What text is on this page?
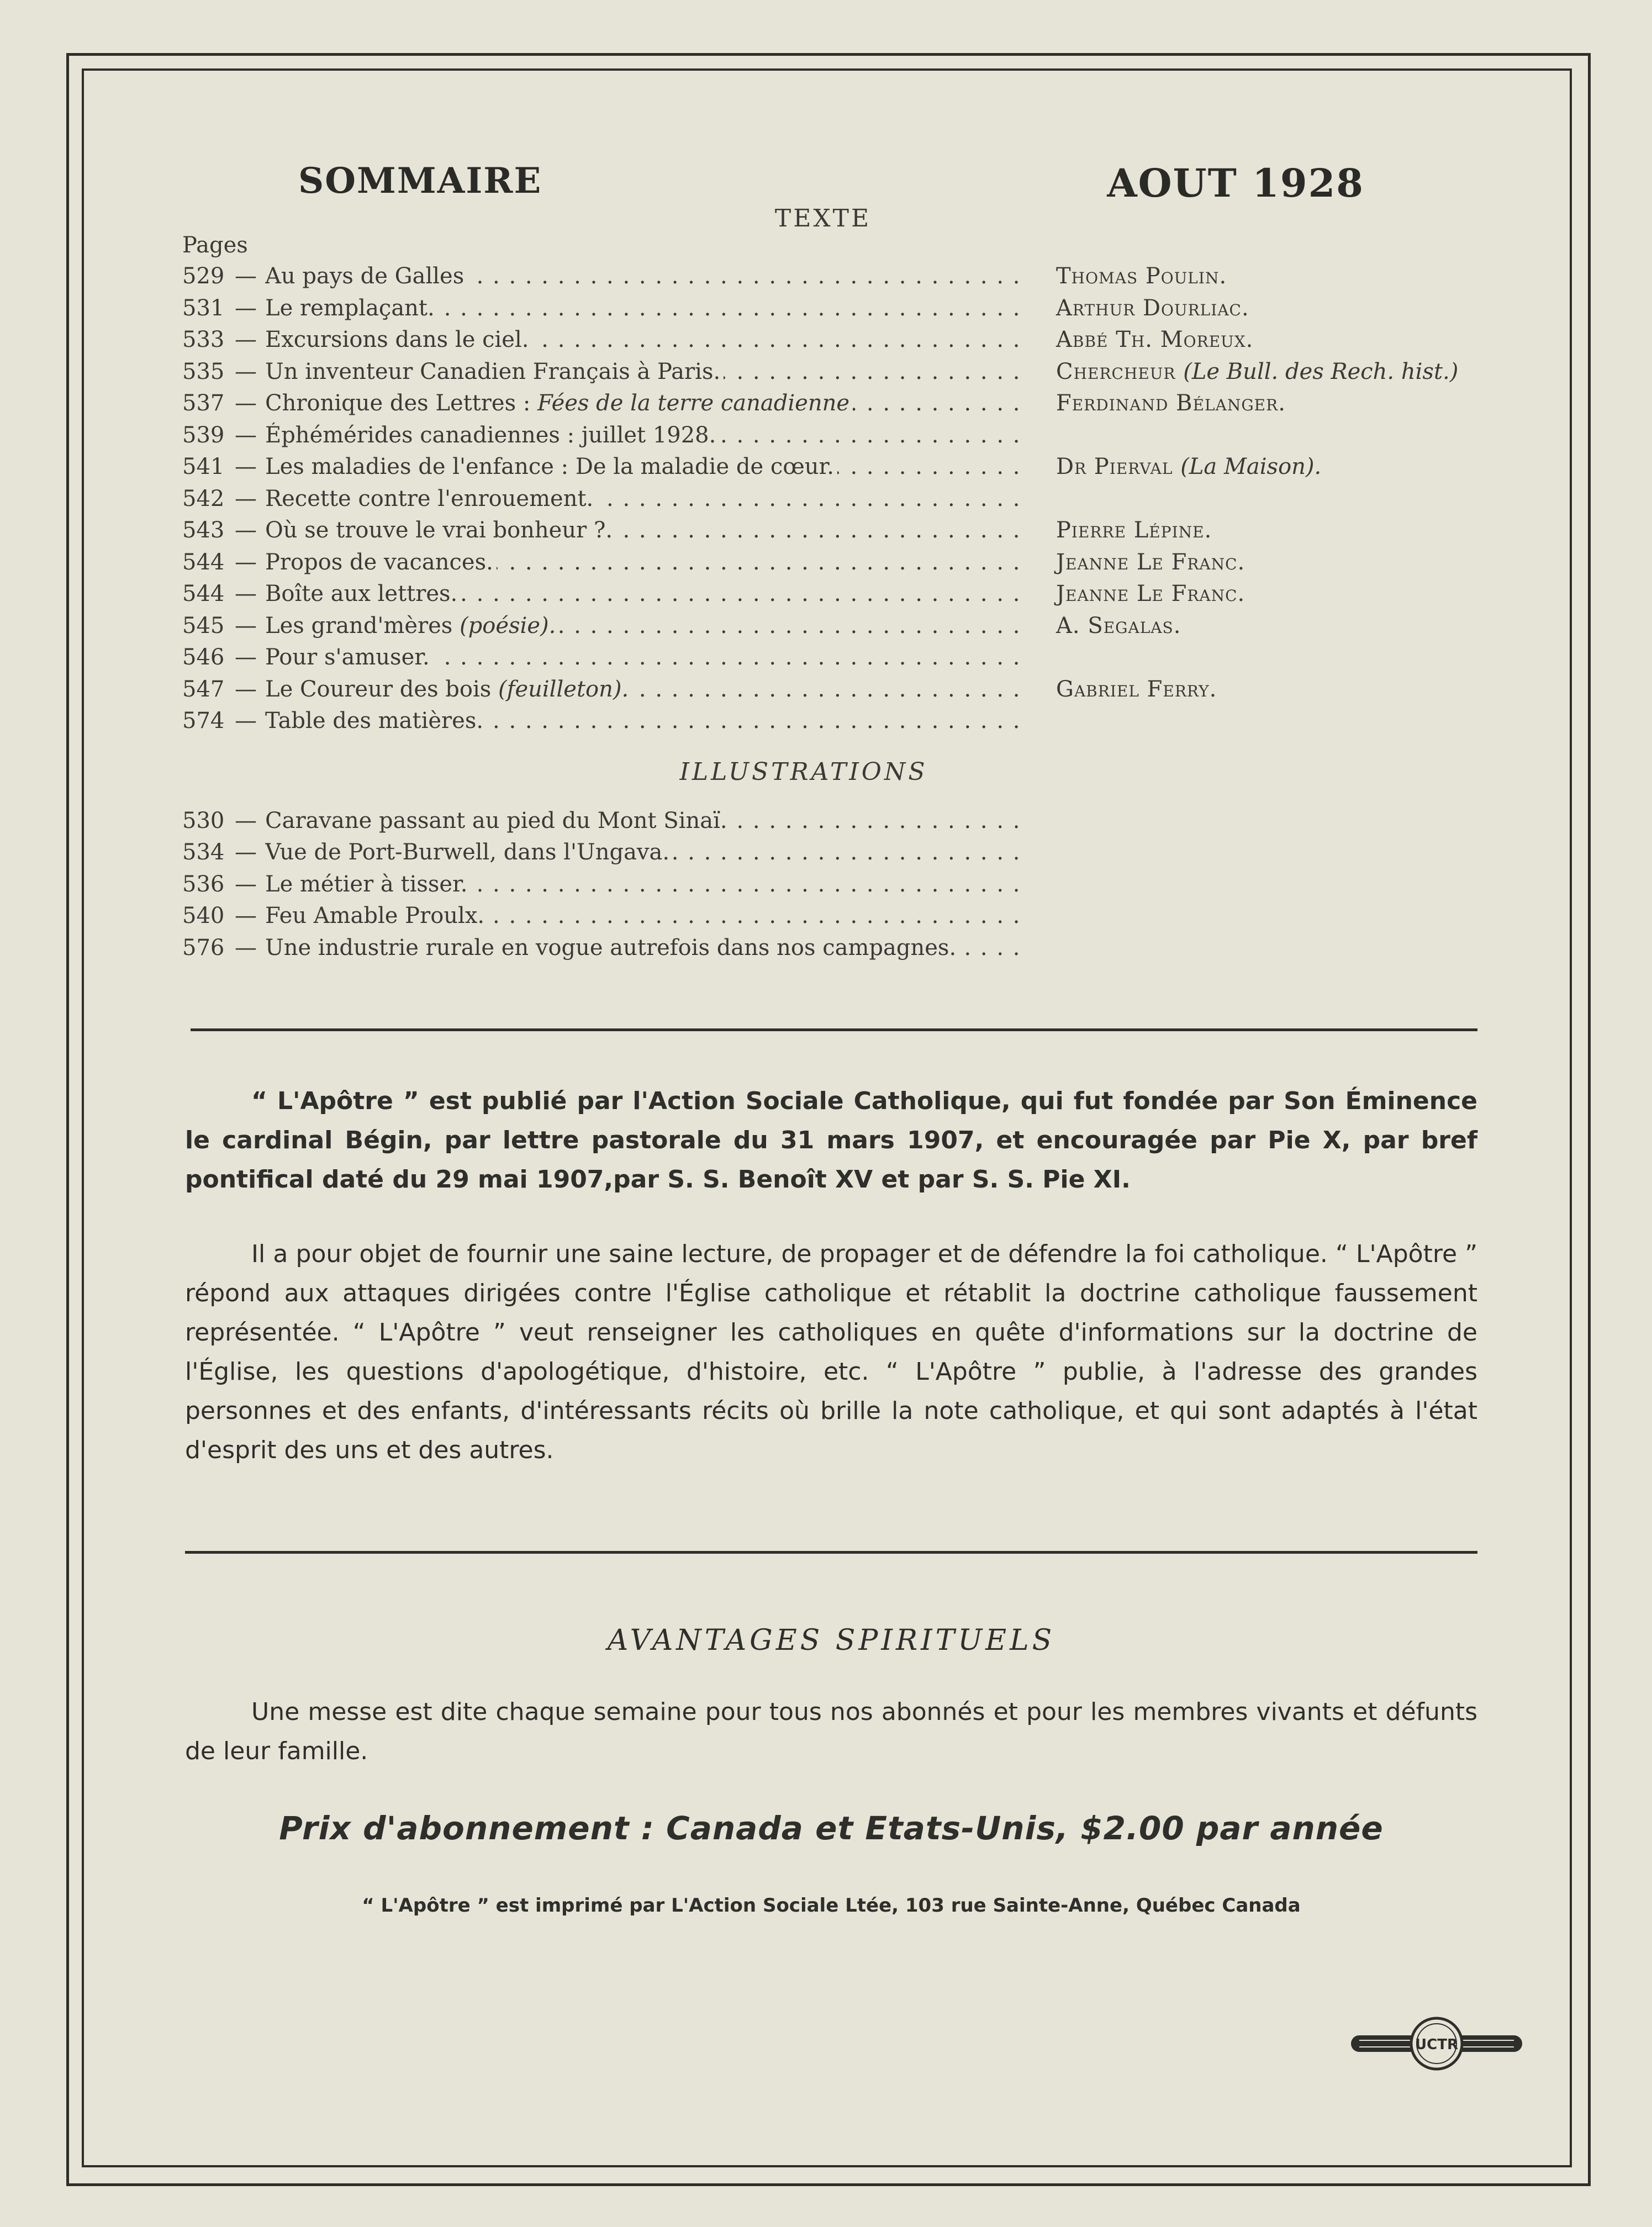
SOMMAIRE	AOUT 1928
TEXTE
Pages
529 — Au pays de Galles . . .	Thomas Poulin.
531 — Le remplaçant. . . .	Arthur Dourliac.
533 — Excursions dans le ciel. . . .	Abbé Th. Moreux.
535 — Un inventeur Canadien Français à Paris. . . .	Chercheur (Le Bull. des Rech. hist.)
537 — Chronique des Lettres : Fées de la terre canadienne . . .	Ferdinand Bélanger.
539 — Éphémérides canadiennes : juillet 1928. . . .
541 — Les maladies de l'enfance : De la maladie de cœur. . . .	Dr Pierval (La Maison).
542 — Recette contre l'enrouement. . . .
543 — Où se trouve le vrai bonheur ?. . . .	Pierre Lépine.
544 — Propos de vacances. . . .	Jeanne Le Franc.
544 — Boîte aux lettres. . . .	Jeanne Le Franc.
545 — Les grand'mères (poésie). . . .	A. Segalas.
546 — Pour s'amuser. . . .
547 — Le Coureur des bois (feuilleton). . . .	Gabriel Ferry.
574 — Table des matières. . . .
ILLUSTRATIONS
530 — Caravane passant au pied du Mont Sinaï. . . .
534 — Vue de Port-Burwell, dans l'Ungava. . . .
536 — Le métier à tisser. . . .
540 — Feu Amable Proulx. . . .
576 — Une industrie rurale en vogue autrefois dans nos campagnes. . . .

“ L'Apôtre ” est publié par l'Action Sociale Catholique, qui fut fondée par Son Éminence le cardinal Bégin, par lettre pastorale du 31 mars 1907, et encouragée par Pie X, par bref pontifical daté du 29 mai 1907,par S. S. Benoît XV et par S. S. Pie XI.

Il a pour objet de fournir une saine lecture, de propager et de défendre la foi catholique. “ L'Apôtre ” répond aux attaques dirigées contre l'Église catholique et rétablit la doctrine catholique faussement représentée. “ L'Apôtre ” veut renseigner les catholiques en quête d'informations sur la doctrine de l'Église, les questions d'apologétique, d'histoire, etc. “ L'Apôtre ” publie, à l'adresse des grandes personnes et des enfants, d'intéressants récits où brille la note catholique, et qui sont adaptés à l'état d'esprit des uns et des autres.

AVANTAGES SPIRITUELS

Une messe est dite chaque semaine pour tous nos abonnés et pour les membres vivants et défunts de leur famille.

Prix d'abonnement : Canada et Etats-Unis, $2.00 par année
“ L'Apôtre ” est imprimé par L'Action Sociale Ltée, 103 rue Sainte-Anne, Québec Canada
UCTR
